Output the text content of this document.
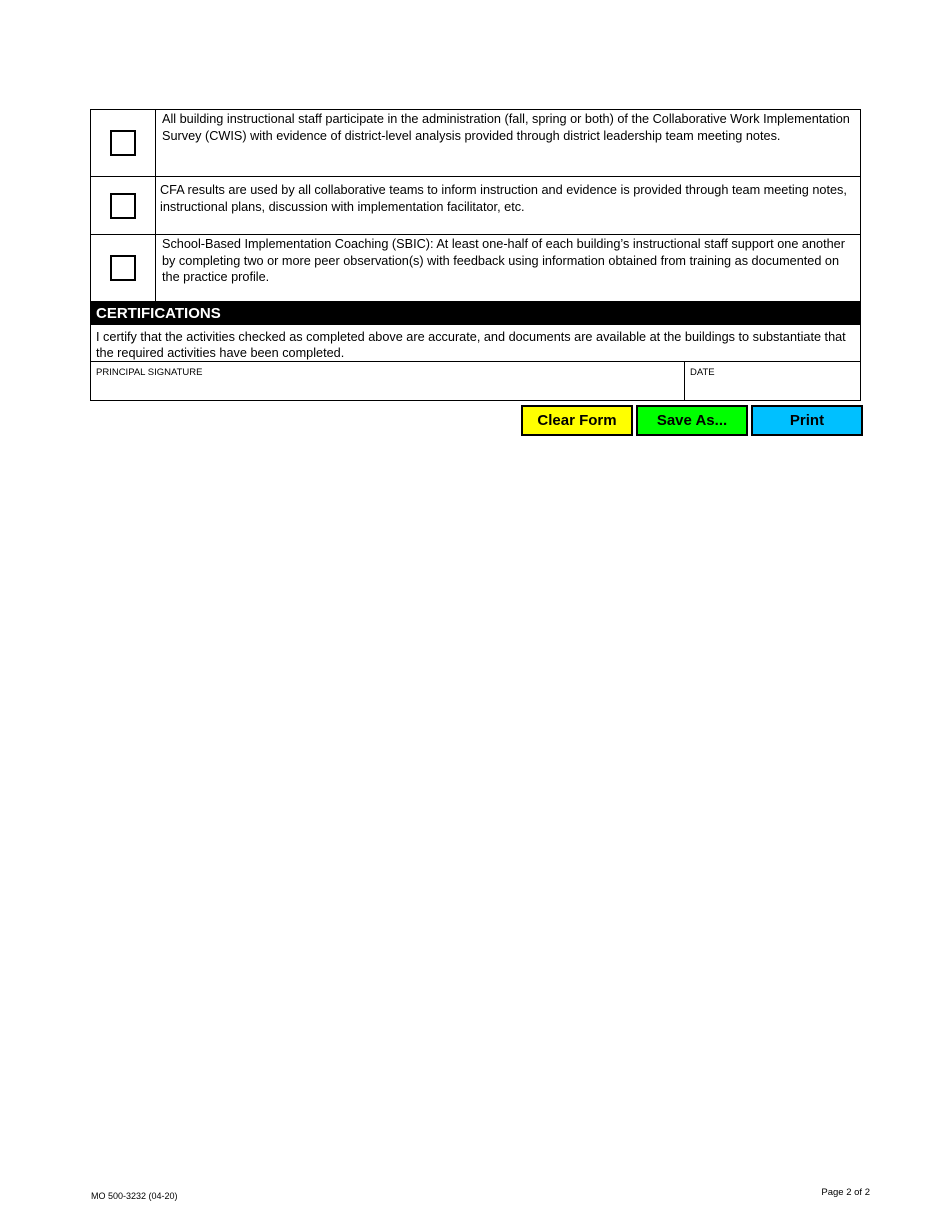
All building instructional staff participate in the administration (fall, spring or both) of the Collaborative Work Implementation Survey (CWIS) with evidence of district-level analysis provided through district leadership team meeting notes.
CFA results are used by all collaborative teams to inform instruction and evidence is provided through team meeting notes, instructional plans, discussion with implementation facilitator, etc.
School-Based Implementation Coaching (SBIC): At least one-half of each building’s instructional staff support one another by completing two or more peer observation(s) with feedback using information obtained from training as documented on the practice profile.
CERTIFICATIONS
I certify that the activities checked as completed above are accurate, and documents are available at the buildings to substantiate that the required activities have been completed.
PRINCIPAL SIGNATURE	DATE
Clear Form	Save As...	Print
MO 500-3232 (04-20)	Page 2 of 2
